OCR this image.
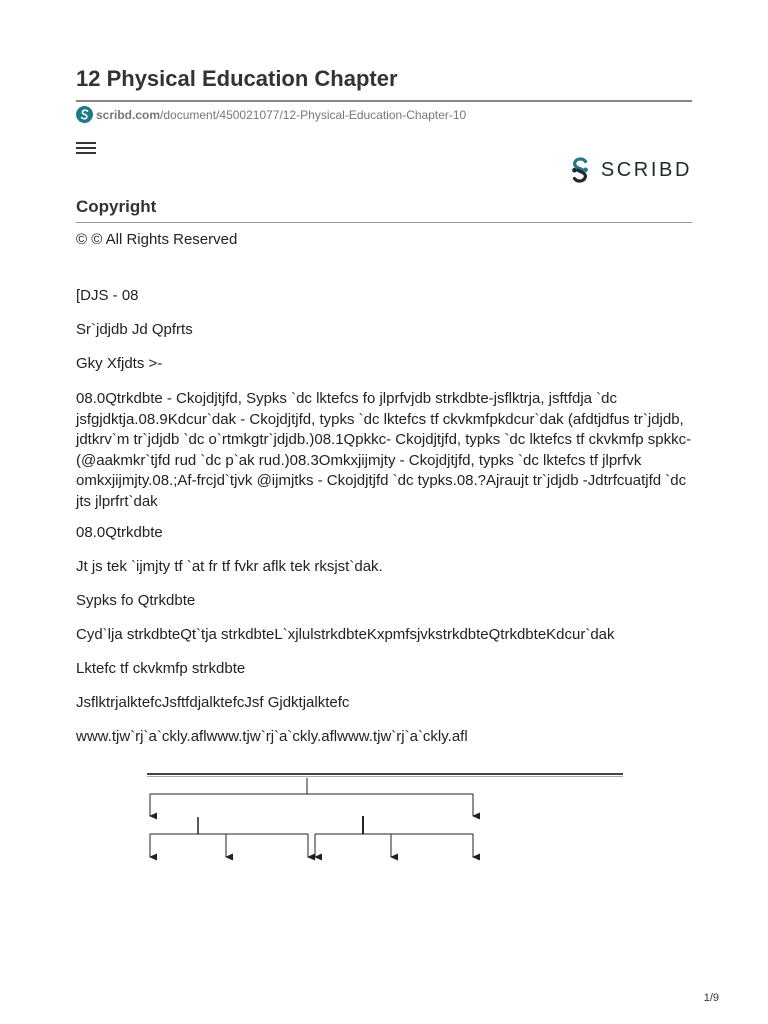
12 Physical Education Chapter
scribd.com /document/450021077/12-Physical-Education-Chapter-10
SCRIBD
Copyright
© © All Rights Reserved

[DJS - 08

Sr`jdjdb Jd Qpfrts

Gky Xfjdts >-

08.0Qtrkdbte - Ckojdjtjfd, Sypks `dc lktefcs fo jlprfvjdb strkdbte-jsflktrja, jsftfdja `dc jsfgjdktja.08.9Kdcur`dak - Ckojdjtjfd, typks `dc lktefcs tf ckvkmfpkdcur`dak (afdtjdfus tr`jdjdb, jdtkrv`m tr`jdjdb `dc o`rtmkgtr`jdjdb.)08.1Qpkkc- Ckojdjtjfd, typks `dc lktefcs tf ckvkmfp spkkc-(@aakmkr`tjfd rud `dc p`ak rud.)08.3Omkxjijmjty - Ckojdjtjfd, typks `dc lktefcs tf jlprfvk omkxjijmjty.08.;Af-frcjd`tjvk @ijmjtks - Ckojdjtjfd `dc typks.08.?Ajraujt tr`jdjdb -Jdtrfcuatjfd `dc jts jlprfrt`dak

08.0Qtrkdbte

Jt js tek `ijmjty tf `at fr tf fvkr aflk tek rksjst`dak.

Sypks fo Qtrkdbte

Cyd`lja strkdbteQt`tja strkdbteL`xjlulstrkdbteKxpmfsjvkstrkdbteQtrkdbteKdcur`dak

Lktefc tf ckvkmfp strkdbte

JsflktrjalktefcJsftfdjalktefcJsf Gjdktjalktefc

www.tjw`rj`a`ckly.aflwww.tjw`rj`a`ckly.aflwww.tjw`rj`a`ckly.afl

1/9
